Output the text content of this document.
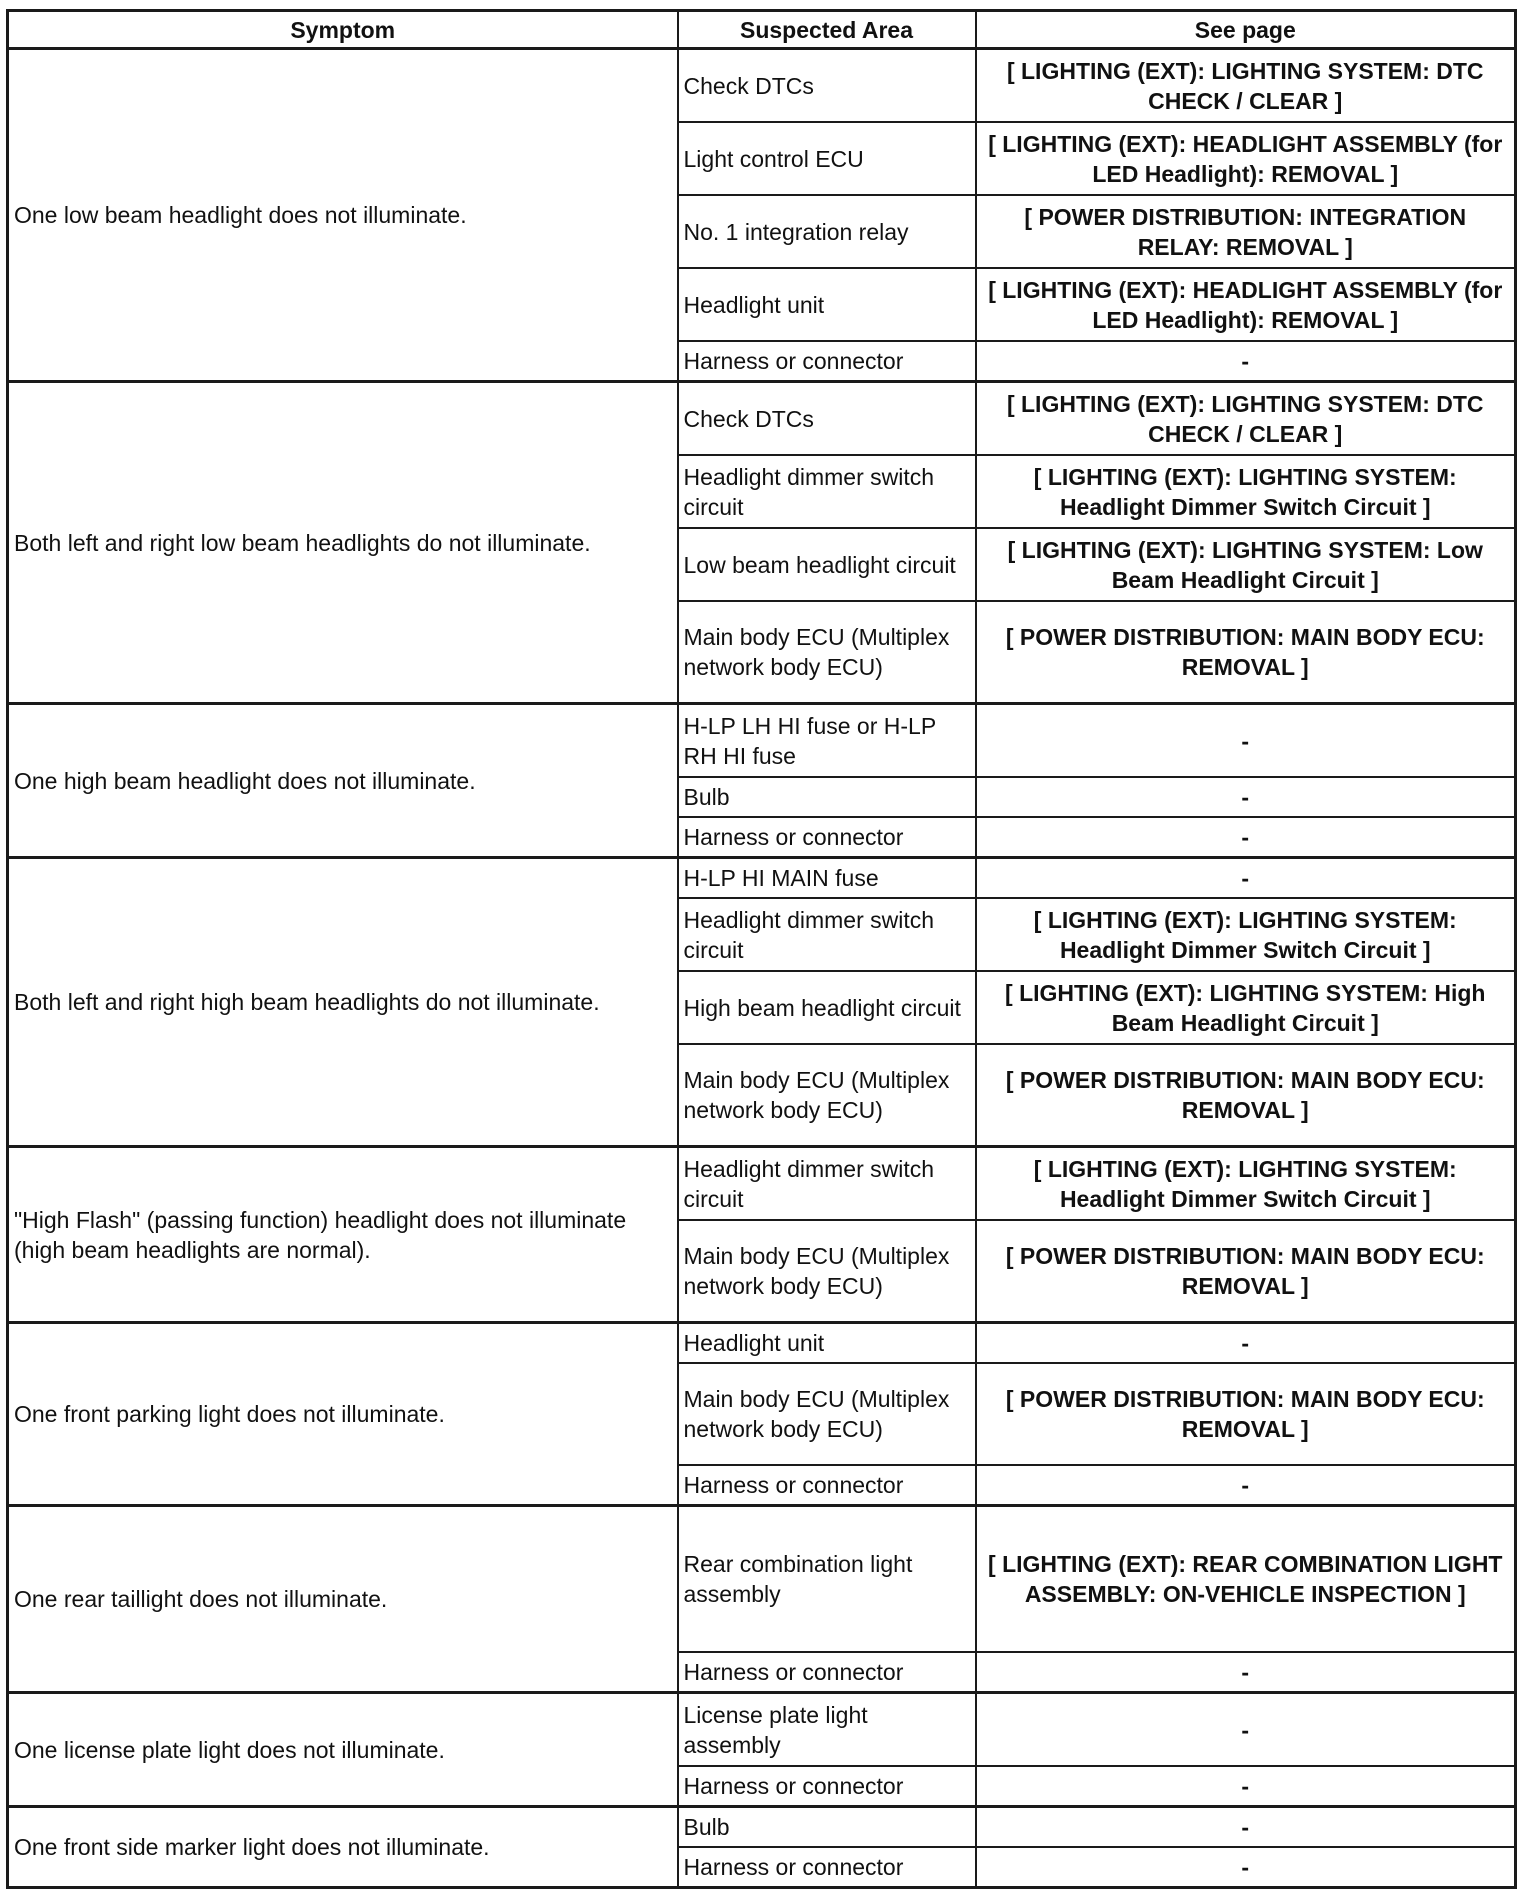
Symptom	Suspected Area	See page
One low beam headlight does not illuminate.	Check DTCs	[ LIGHTING (EXT): LIGHTING SYSTEM: DTC CHECK / CLEAR ]
	Light control ECU	[ LIGHTING (EXT): HEADLIGHT ASSEMBLY (for LED Headlight): REMOVAL ]
	No. 1 integration relay	[ POWER DISTRIBUTION: INTEGRATION RELAY: REMOVAL ]
	Headlight unit	[ LIGHTING (EXT): HEADLIGHT ASSEMBLY (for LED Headlight): REMOVAL ]
	Harness or connector	-
Both left and right low beam headlights do not illuminate.	Check DTCs	[ LIGHTING (EXT): LIGHTING SYSTEM: DTC CHECK / CLEAR ]
	Headlight dimmer switch circuit	[ LIGHTING (EXT): LIGHTING SYSTEM: Headlight Dimmer Switch Circuit ]
	Low beam headlight circuit	[ LIGHTING (EXT): LIGHTING SYSTEM: Low Beam Headlight Circuit ]
	Main body ECU (Multiplex network body ECU)	[ POWER DISTRIBUTION: MAIN BODY ECU: REMOVAL ]
One high beam headlight does not illuminate.	H-LP LH HI fuse or H-LP RH HI fuse	-
	Bulb	-
	Harness or connector	-
Both left and right high beam headlights do not illuminate.	H-LP HI MAIN fuse	-
	Headlight dimmer switch circuit	[ LIGHTING (EXT): LIGHTING SYSTEM: Headlight Dimmer Switch Circuit ]
	High beam headlight circuit	[ LIGHTING (EXT): LIGHTING SYSTEM: High Beam Headlight Circuit ]
	Main body ECU (Multiplex network body ECU)	[ POWER DISTRIBUTION: MAIN BODY ECU: REMOVAL ]
"High Flash" (passing function) headlight does not illuminate (high beam headlights are normal).	Headlight dimmer switch circuit	[ LIGHTING (EXT): LIGHTING SYSTEM: Headlight Dimmer Switch Circuit ]
	Main body ECU (Multiplex network body ECU)	[ POWER DISTRIBUTION: MAIN BODY ECU: REMOVAL ]
One front parking light does not illuminate.	Headlight unit	-
	Main body ECU (Multiplex network body ECU)	[ POWER DISTRIBUTION: MAIN BODY ECU: REMOVAL ]
	Harness or connector	-
One rear taillight does not illuminate.	Rear combination light assembly	[ LIGHTING (EXT): REAR COMBINATION LIGHT ASSEMBLY: ON-VEHICLE INSPECTION ]
	Harness or connector	-
One license plate light does not illuminate.	License plate light assembly	-
	Harness or connector	-
One front side marker light does not illuminate.	Bulb	-
	Harness or connector	-
